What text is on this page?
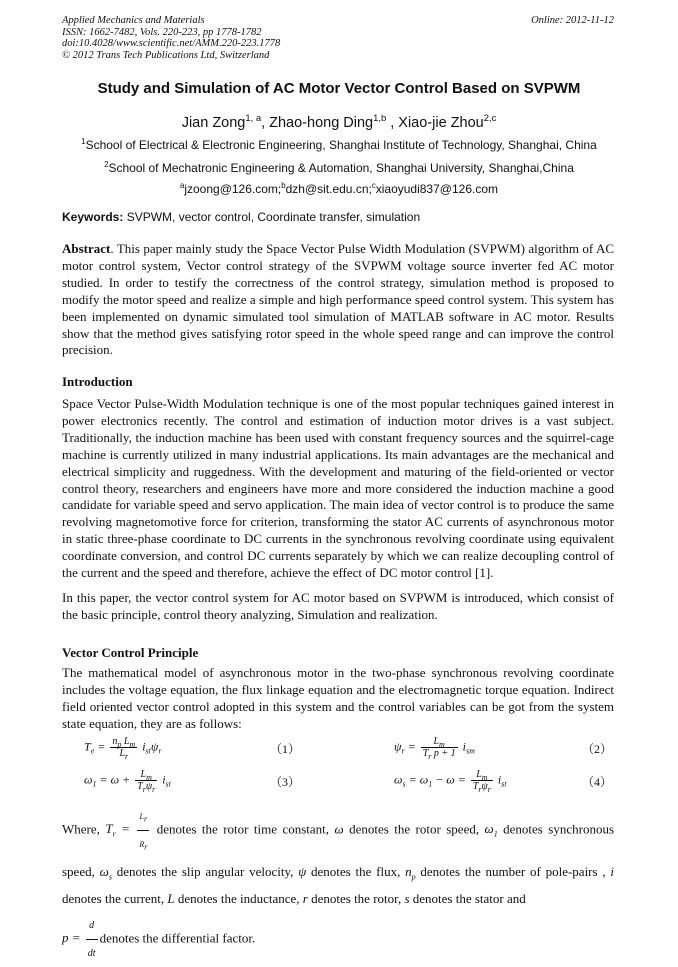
Applied Mechanics and Materials
ISSN: 1662-7482, Vols. 220-223, pp 1778-1782
doi:10.4028/www.scientific.net/AMM.220-223.1778
© 2012 Trans Tech Publications Ltd, Switzerland
Online: 2012-11-12
Study and Simulation of AC Motor Vector Control Based on SVPWM
Jian Zong$^{1, a}$, Zhao-hong Ding$^{1,b}$ , Xiao-jie Zhou$^{2,c}$
$^1$School of Electrical & Electronic Engineering, Shanghai Institute of Technology, Shanghai, China
$^2$School of Mechatronic Engineering & Automation, Shanghai University, Shanghai,China
$^a$jzoong@126.com;$^b$dzh@sit.edu.cn;$^c$xiaoyudi837@126.com
Keywords: SVPWM, vector control, Coordinate transfer, simulation
Abstract. This paper mainly study the Space Vector Pulse Width Modulation (SVPWM) algorithm of AC motor control system, Vector control strategy of the SVPWM voltage source inverter fed AC motor studied. In order to testify the correctness of the control strategy, simulation method is proposed to modify the motor speed and realize a simple and high performance speed control system. This system has been implemented on dynamic simulated tool simulation of MATLAB software in AC motor. Results show that the method gives satisfying rotor speed in the whole speed range and can improve the control precision.
Introduction
Space Vector Pulse-Width Modulation technique is one of the most popular techniques gained interest in power electronics recently. The control and estimation of induction motor drives is a vast subject. Traditionally, the induction machine has been used with constant frequency sources and the squirrel-cage machine is currently utilized in many industrial applications. Its main advantages are the mechanical and electrical simplicity and ruggedness. With the development and maturing of the field-oriented or vector control theory, researchers and engineers have more and more considered the induction machine a good candidate for variable speed and servo application. The main idea of vector control is to produce the same revolving magnetomotive force for criterion, transforming the stator AC currents of asynchronous motor in static three-phase coordinate to DC currents in the synchronous revolving coordinate using equivalent coordinate conversion, and control DC currents separately by which we can realize decoupling control of the current and the speed and therefore, achieve the effect of DC motor control [1].
In this paper, the vector control system for AC motor based on SVPWM is introduced, which consist of the basic principle, control theory analyzing, Simulation and realization.
Vector Control Principle
The mathematical model of asynchronous motor in the two-phase synchronous revolving coordinate includes the voltage equation, the flux linkage equation and the electromagnetic torque equation. Indirect field oriented vector control adopted in this system and the control variables can be got from the system state equation, they are as follows:
$T_e = \frac{n_p L_m}{L_r} i_{st}\psi_r$	（1）	$\psi_r = \frac{L_m}{T_r p + 1} i_{sm}$	（2）
$\omega_1 = \omega + \frac{L_m}{T_r\psi_r} i_{st}$	（3）	$\omega_s = \omega_1 - \omega = \frac{L_m}{T_r\psi_r} i_{st}$	（4）
Where, $T_r = \frac{Lr}{Rr}$ denotes the rotor time constant, ω denotes the rotor speed, $\omega_1$ denotes synchronous speed, $\omega_s$ denotes the slip angular velocity, ψ denotes the flux, $n_p$ denotes the number of pole-pairs , i denotes the current, L denotes the inductance, r denotes the rotor, s denotes the stator and
$p = \frac{d}{dt}$ denotes the differential factor.
